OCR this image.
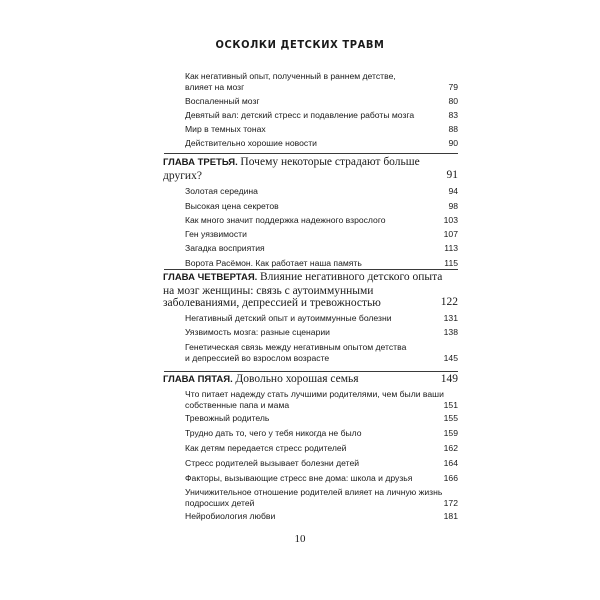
ОСКОЛКИ ДЕТСКИХ ТРАВМ
Как негативный опыт, полученный в раннем детстве,
влияет на мозг	79
Воспаленный мозг	80
Девятый вал: детский стресс и подавление работы мозга	83
Мир в темных тонах	88
Действительно хорошие новости	90
ГЛАВА ТРЕТЬЯ. Почему некоторые страдают больше
других?	91
Золотая середина	94
Высокая цена секретов	98
Как много значит поддержка надежного взрослого	103
Ген уязвимости	107
Загадка восприятия	113
Ворота Расёмон. Как работает наша память	115
ГЛАВА ЧЕТВЕРТАЯ. Влияние негативного детского опыта
на мозг женщины: связь с аутоиммунными
заболеваниями, депрессией и тревожностью	122
Негативный детский опыт и аутоиммунные болезни	131
Уязвимость мозга: разные сценарии	138
Генетическая связь между негативным опытом детства
и депрессией во взрослом возрасте	145
ГЛАВА ПЯТАЯ. Довольно хорошая семья	149
Что питает надежду стать лучшими родителями, чем были ваши
собственные папа и мама	151
Тревожный родитель	155
Трудно дать то, чего у тебя никогда не было	159
Как детям передается стресс родителей	162
Стресс родителей вызывает болезни детей	164
Факторы, вызывающие стресс вне дома: школа и друзья	166
Уничижительное отношение родителей влияет на личную жизнь
подросших детей	172
Нейробиология любви	181
10
